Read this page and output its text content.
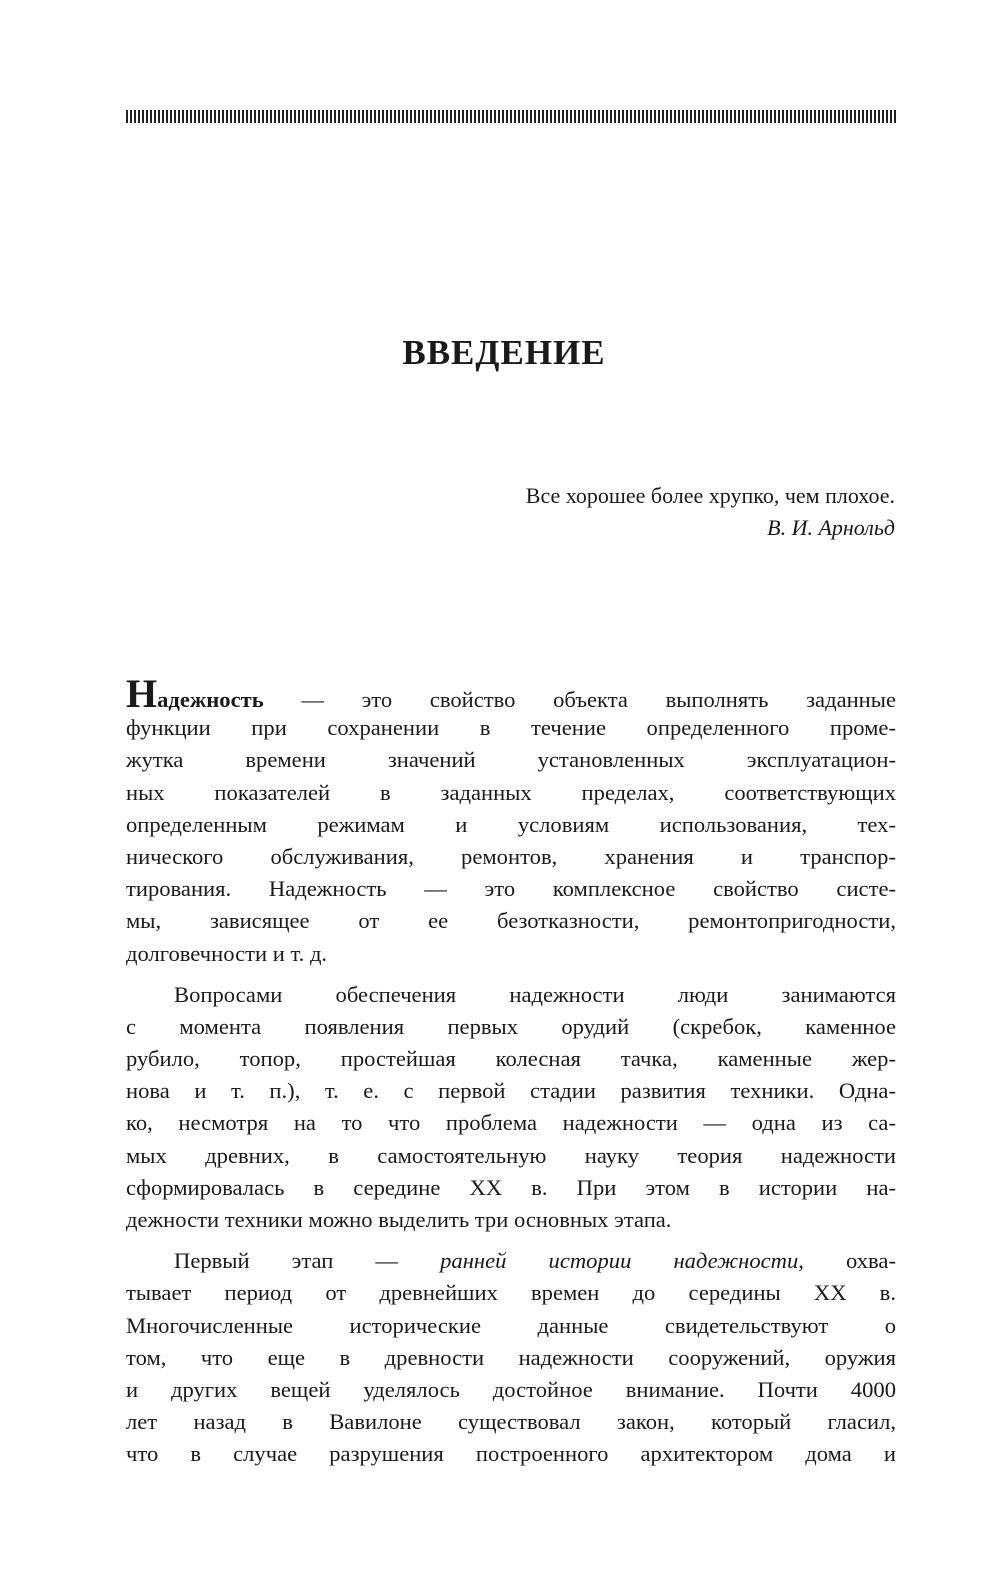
ВВЕДЕНИЕ
Все хорошее более хрупко, чем плохое.
В. И. Арнольд
Надежность — это свойство объекта выполнять заданные
функции при сохранении в течение определенного проме-
жутка времени значений установленных эксплуатацион-
ных показателей в заданных пределах, соответствующих
определенным режимам и условиям использования, тех-
нического обслуживания, ремонтов, хранения и транспор-
тирования. Надежность — это комплексное свойство систе-
мы, зависящее от ее безотказности, ремонтопригодности,
долговечности и т. д.
Вопросами обеспечения надежности люди занимаются
с момента появления первых орудий (скребок, каменное
рубило, топор, простейшая колесная тачка, каменные жер-
нова и т. п.), т. е. с первой стадии развития техники. Однa-
ко, несмотря на то что проблема надежности — одна из са-
мых древних, в самостоятельную науку теория надежности
сформировалась в середине XX в. При этом в истории на-
дежности техники можно выделить три основных этапа.
Первый этап — ранней истории надежности, охва-
тывает период от древнейших времен до середины XX в.
Многочисленные исторические данные свидетельствуют о
том, что еще в древности надежности сооружений, оружия
и других вещей уделялось достойное внимание. Почти 4000
лет назад в Вавилоне существовал закон, который гласил,
что в случае разрушения построенного архитектором дома и
